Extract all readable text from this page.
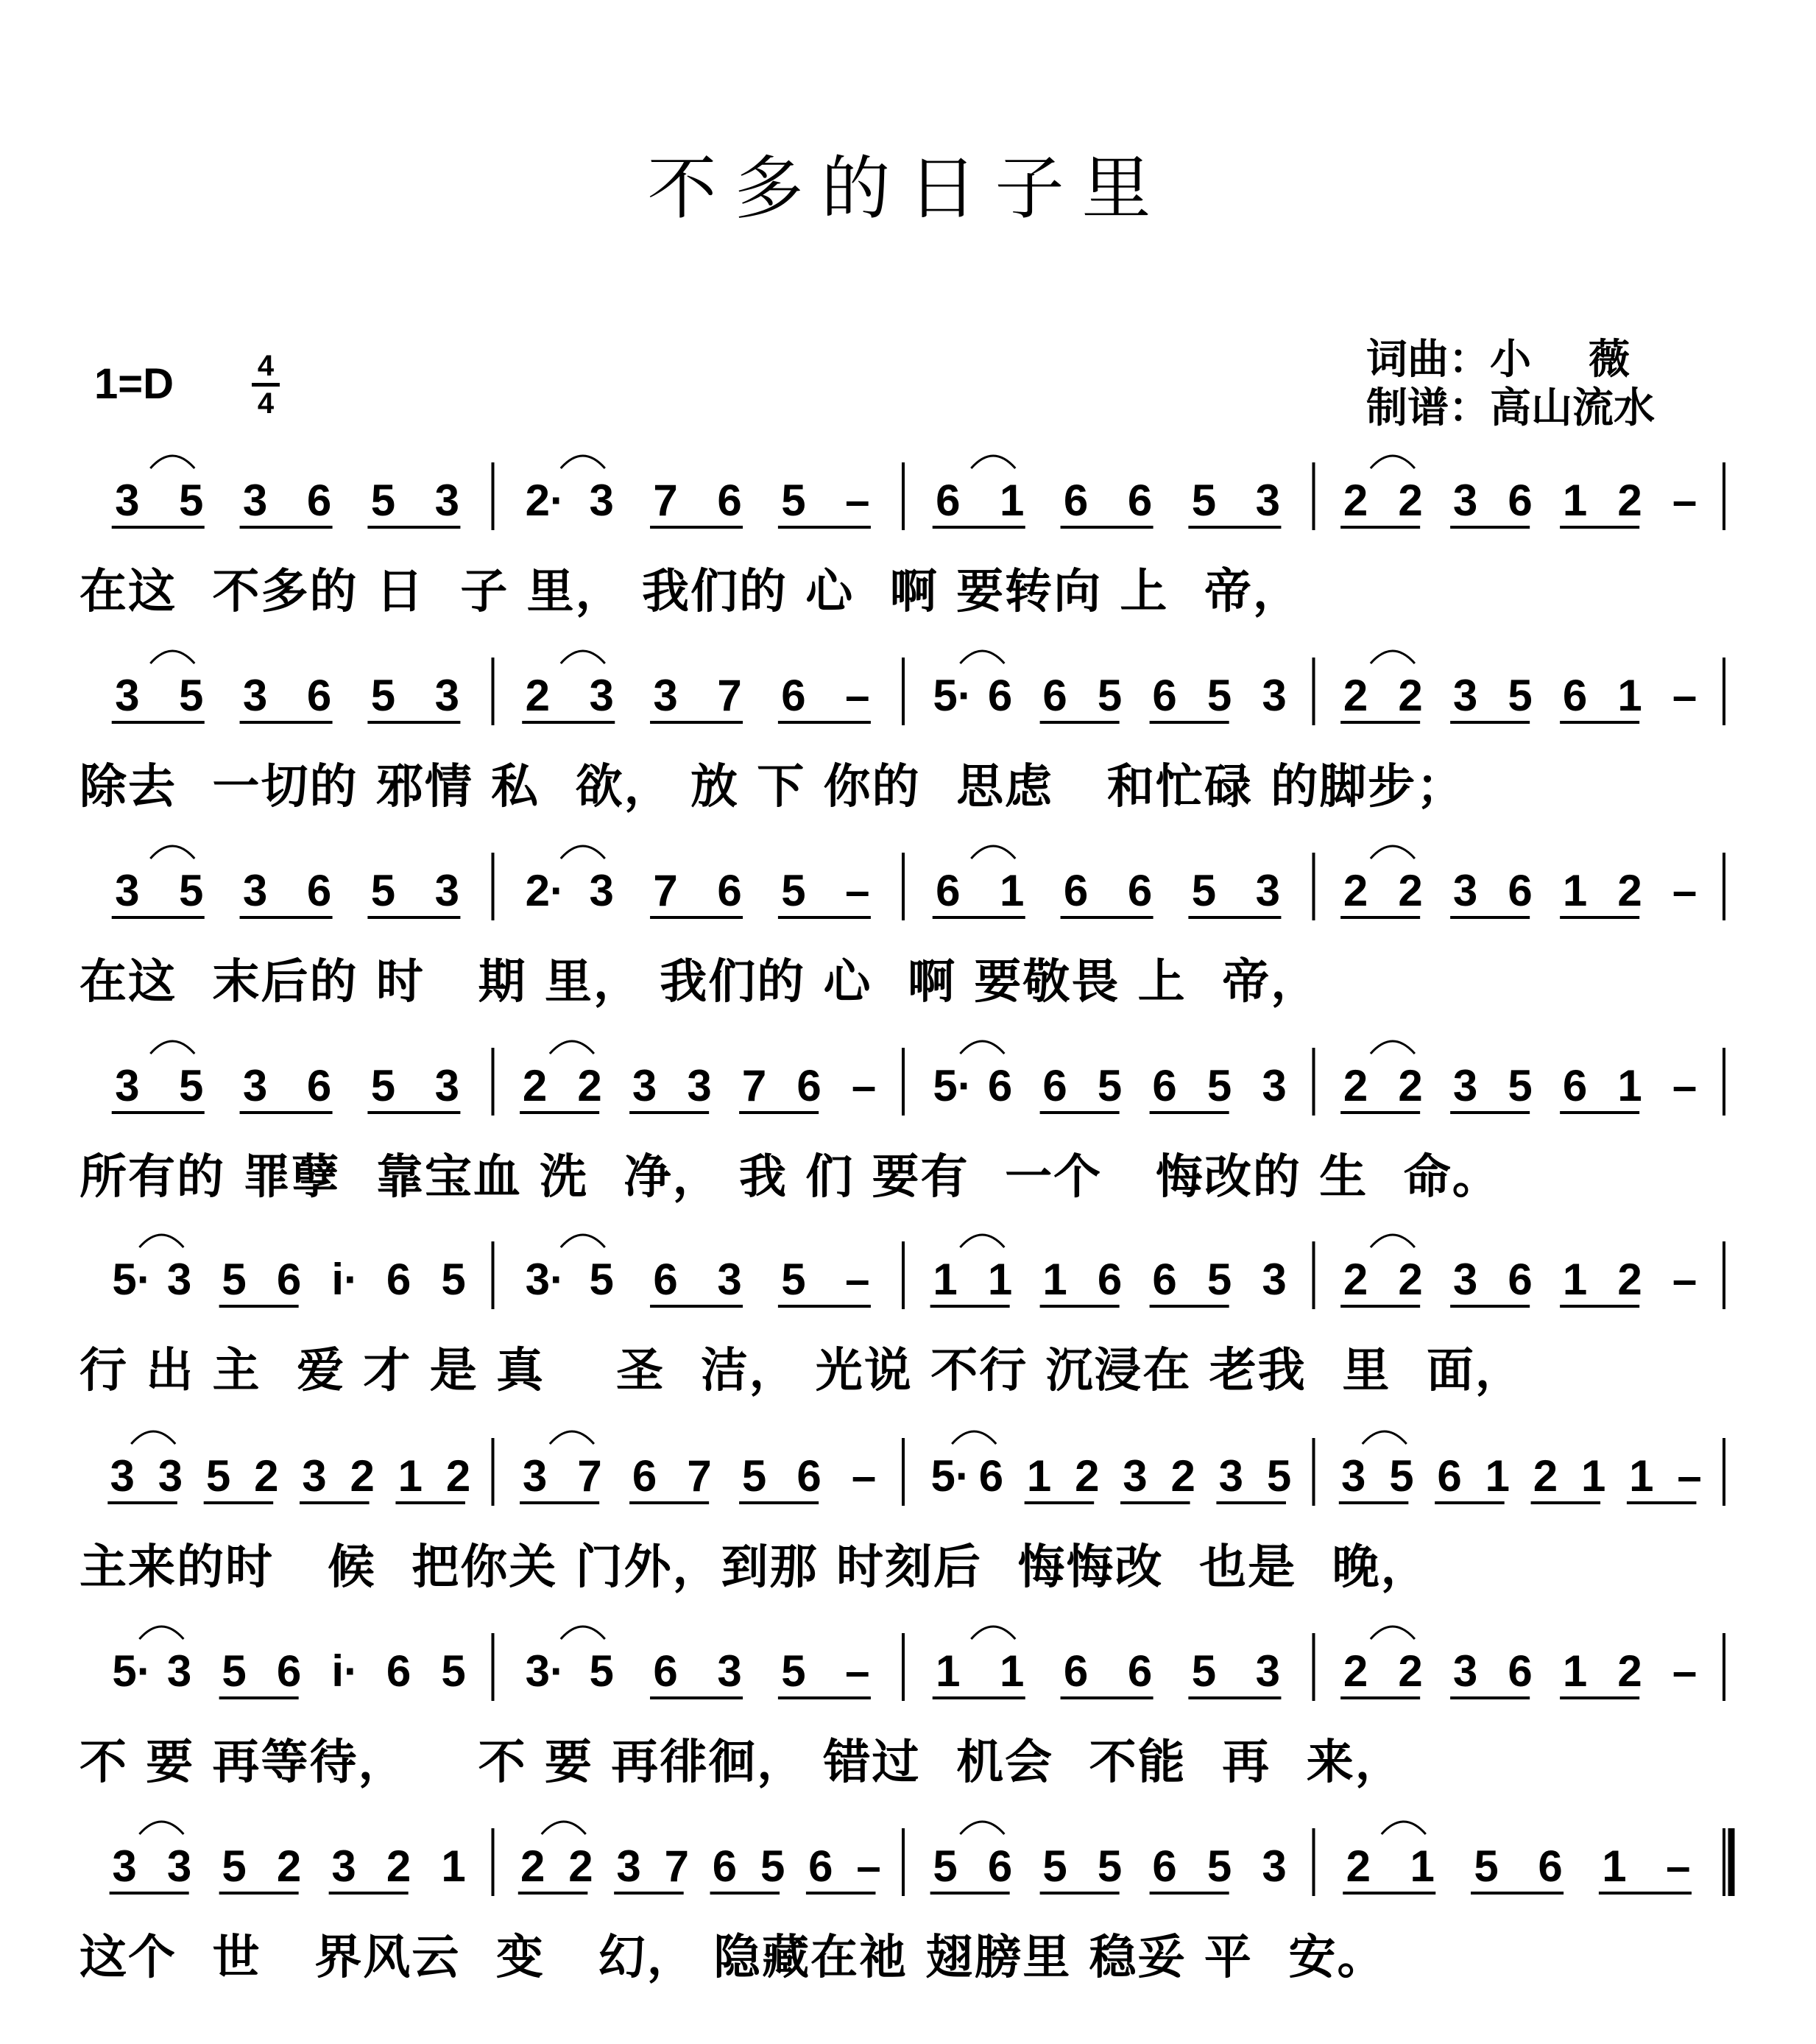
不多的日子里
1=D	4
4
词曲：小    薇
制谱：高山流水
3 5 3 6 5 3 2· 3 7 6 5 – 6 1 6 6 5 3 2 2 3 6 1 2 –
在这  不多的 日  子 里， 我们的 心  啊 要转向 上  帝，
3 5 3 6 5 3 2 3 3 7 6 – 5· 6 6 5 6 5 3 2 2 3 5 6 1 –
除去  一切的 邪情 私  欲， 放 下 你的  思虑   和忙碌 的脚步；
3 5 3 6 5 3 2· 3 7 6 5 – 6 1 6 6 5 3 2 2 3 6 1 2 –
在这  末后的 时   期 里， 我们的 心  啊 要敬畏 上  帝，
3 5 3 6 5 3 2 2 3 3 7 6 – 5· 6 6 5 6 5 3 2 2 3 5 6 1 –
所有的 罪孽  靠宝血 洗  净， 我 们 要有  一个   悔改的 生  命。
5· 3 5 6 i· 6 5 3· 5 6 3 5 – 1 1 1 6 6 5 3 2 2 3 6 1 2 –
行 出 主  爱 才 是 真    圣  洁， 光说 不行 沉浸在 老我  里  面，
3 3 5 2 3 2 1 2 3 7 6 7 5 6 – 5· 6 1 2 3 2 3 5 3 5 6 1 2 1 1 –
主来的时   候  把你关 门外，到那 时刻后  悔悔改  也是  晚，
5· 3 5 6 i· 6 5 3· 5 6 3 5 – 1 1 6 6 5 3 2 2 3 6 1 2 –
不 要 再等待，    不 要 再徘徊， 错过  机会  不能  再  来，
3 3 5 2 3 2 1 2 2 3 7 6 5 6 – 5 6 5 5 6 5 3 2 1 5 6 1 –
这个  世   界风云  变   幻， 隐藏在祂 翅膀里 稳妥 平  安。
